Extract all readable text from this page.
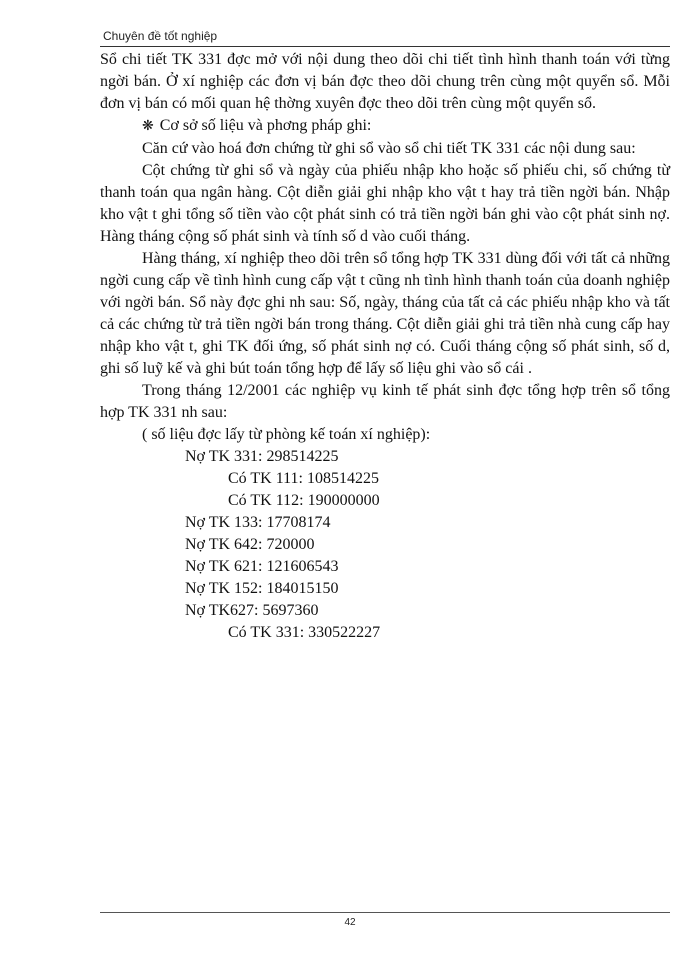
Chuyên đề tốt nghiệp

Sổ chi tiết TK 331 đợc mở với nội dung theo dõi chi tiết tình hình thanh toán với từng ngời bán. Ở xí nghiệp các đơn vị bán đợc theo dõi chung trên cùng một quyển sổ. Mỗi đơn vị bán có mối quan hệ thờng xuyên đợc theo dõi trên cùng một quyển sổ.

❋ Cơ sở số liệu và phơng pháp ghi:

Căn cứ vào hoá đơn chứng từ ghi sổ vào sổ chi tiết TK 331 các nội dung sau:

Cột chứng từ ghi sổ và ngày của phiếu nhập kho hoặc số phiếu chi, số chứng từ thanh toán qua ngân hàng. Cột diễn giải ghi nhập kho vật t hay trả tiền ngời bán. Nhập kho vật t ghi tổng số tiền vào cột phát sinh có trả tiền ngời bán ghi vào cột phát sinh nợ. Hàng tháng cộng số phát sinh và tính số d vào cuối tháng.

Hàng tháng, xí nghiệp theo dõi trên sổ tổng hợp TK 331 dùng đối với tất cả những ngời cung cấp về tình hình cung cấp vật t cũng nh tình hình thanh toán của doanh nghiệp với ngời bán. Sổ này đợc ghi nh sau: Số, ngày, tháng của tất cả các phiếu nhập kho và tất cả các chứng từ trả tiền ngời bán trong tháng. Cột diễn giải ghi trả tiền nhà cung cấp hay nhập kho vật t, ghi TK đối ứng, số phát sinh nợ có. Cuối tháng cộng số phát sinh, số d, ghi số luỹ kế và ghi bút toán tổng hợp để lấy số liệu ghi vào sổ cái .

Trong tháng 12/2001 các nghiệp vụ kinh tế phát sinh đợc tổng hợp trên sổ tổng hợp TK 331 nh sau:

( số liệu đợc lấy từ phòng kế toán xí nghiệp):

Nợ TK 331: 298514225

Có TK 111: 108514225

Có TK 112: 190000000

Nợ TK 133: 17708174

Nợ TK 642: 720000

Nợ TK 621: 121606543

Nợ TK 152: 184015150

Nợ TK627: 5697360

Có TK 331: 330522227

42
